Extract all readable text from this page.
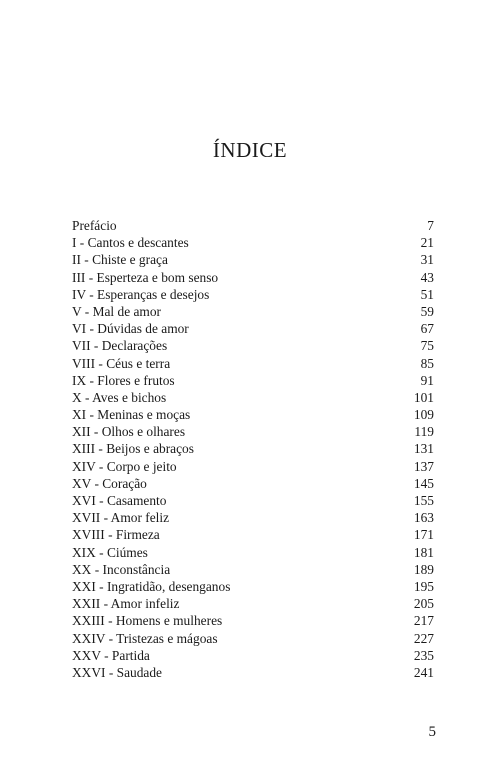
ÍNDICE
Prefácio	7
I - Cantos e descantes	21
II - Chiste e graça	31
III - Esperteza e bom senso	43
IV - Esperanças e desejos	51
V - Mal de amor	59
VI - Dúvidas de amor	67
VII - Declarações	75
VIII - Céus e terra	85
IX - Flores e frutos	91
X - Aves e bichos	101
XI - Meninas e moças	109
XII - Olhos e olhares	119
XIII - Beijos e abraços	131
XIV - Corpo e jeito	137
XV - Coração	145
XVI - Casamento	155
XVII - Amor feliz	163
XVIII - Firmeza	171
XIX - Ciúmes	181
XX - Inconstância	189
XXI - Ingratidão, desenganos	195
XXII - Amor infeliz	205
XXIII - Homens e mulheres	217
XXIV - Tristezas e mágoas	227
XXV - Partida	235
XXVI - Saudade	241
5
